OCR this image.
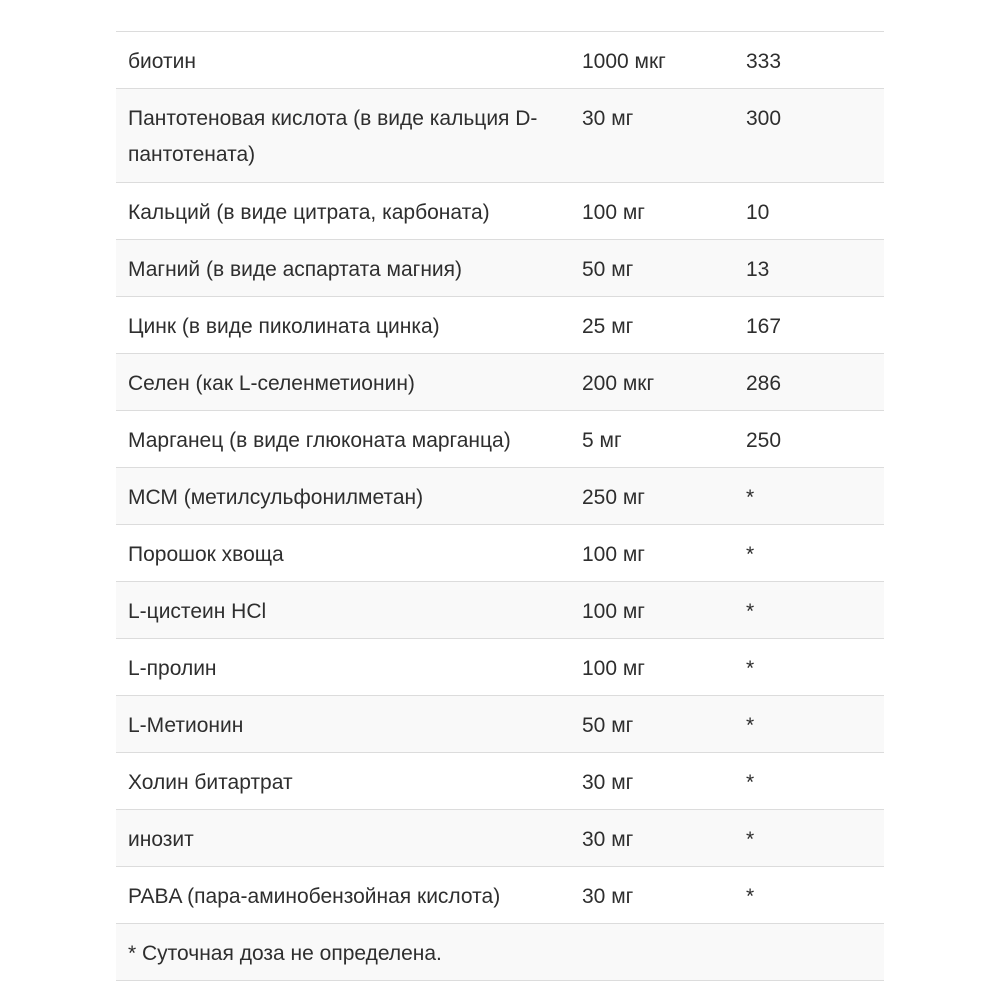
биотин	1000 мкг	333
Пантотеновая кислота (в виде кальция D-пантотената)	30 мг	300
Кальций (в виде цитрата, карбоната)	100 мг	10
Магний (в виде аспартата магния)	50 мг	13
Цинк (в виде пиколината цинка)	25 мг	167
Селен (как L-селенметионин)	200 мкг	286
Марганец (в виде глюконата марганца)	5 мг	250
МСМ (метилсульфонилметан)	250 мг	*
Порошок хвоща	100 мг	*
L-цистеин HCl	100 мг	*
L-пролин	100 мг	*
L-Метионин	50 мг	*
Холин битартрат	30 мг	*
инозит	30 мг	*
PABA (пара-аминобензойная кислота)	30 мг	*
* Суточная доза не определена.		
